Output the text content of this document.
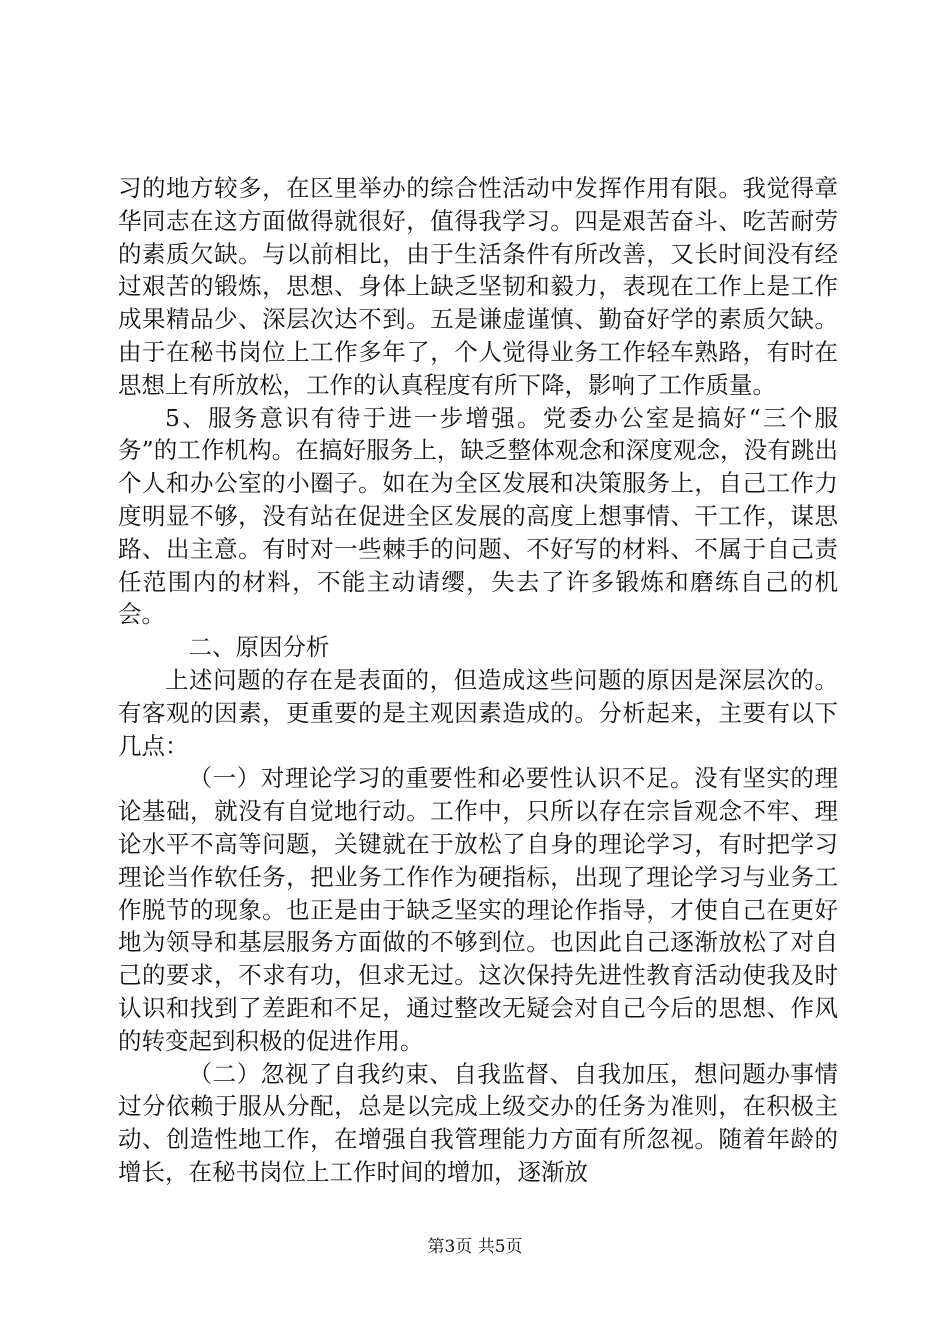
习的地方较多，在区里举办的综合性活动中发挥作用有限。我觉得章华同志在这方面做得就很好，值得我学习。四是艰苦奋斗、吃苦耐劳的素质欠缺。与以前相比，由于生活条件有所改善，又长时间没有经过艰苦的锻炼，思想、身体上缺乏坚韧和毅力，表现在工作上是工作成果精品少、深层次达不到。五是谦虚谨慎、勤奋好学的素质欠缺。由于在秘书岗位上工作多年了，个人觉得业务工作轻车熟路，有时在思想上有所放松，工作的认真程度有所下降，影响了工作质量。

5、服务意识有待于进一步增强。党委办公室是搞好“三个服务”的工作机构。在搞好服务上，缺乏整体观念和深度观念，没有跳出个人和办公室的小圈子。如在为全区发展和决策服务上，自己工作力度明显不够，没有站在促进全区发展的高度上想事情、干工作，谋思路、出主意。有时对一些棘手的问题、不好写的材料、不属于自己责任范围内的材料，不能主动请缨，失去了许多锻炼和磨练自己的机会。

二、原因分析

上述问题的存在是表面的，但造成这些问题的原因是深层次的。有客观的因素，更重要的是主观因素造成的。分析起来，主要有以下几点：

（一）对理论学习的重要性和必要性认识不足。没有坚实的理论基础，就没有自觉地行动。工作中，只所以存在宗旨观念不牢、理论水平不高等问题，关键就在于放松了自身的理论学习，有时把学习理论当作软任务，把业务工作作为硬指标，出现了理论学习与业务工作脱节的现象。也正是由于缺乏坚实的理论作指导，才使自己在更好地为领导和基层服务方面做的不够到位。也因此自己逐渐放松了对自己的要求，不求有功，但求无过。这次保持先进性教育活动使我及时认识和找到了差距和不足，通过整改无疑会对自己今后的思想、作风的转变起到积极的促进作用。

（二）忽视了自我约束、自我监督、自我加压，想问题办事情过分依赖于服从分配，总是以完成上级交办的任务为准则，在积极主动、创造性地工作，在增强自我管理能力方面有所忽视。随着年龄的增长，在秘书岗位上工作时间的增加，逐渐放

第3页 共5页
